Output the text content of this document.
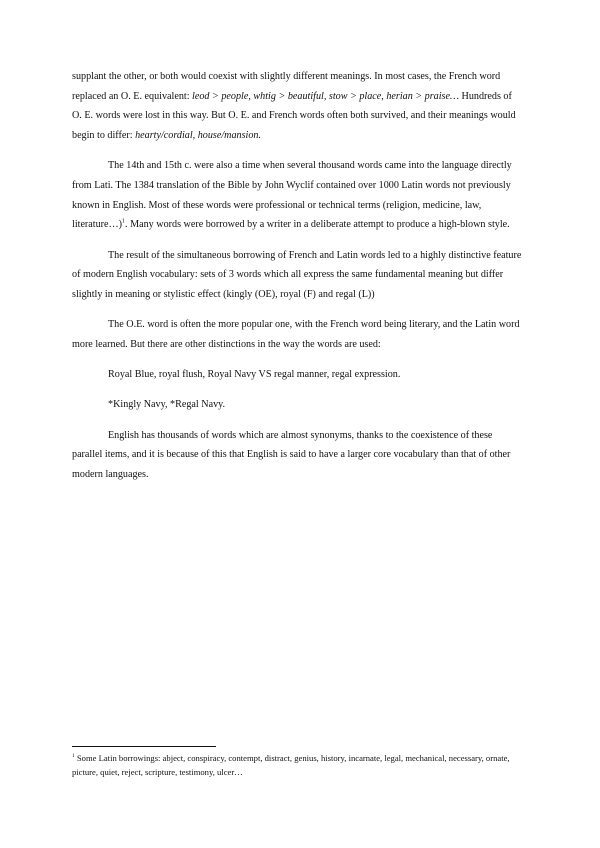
supplant the other, or both would coexist with slightly different meanings. In most cases, the French word replaced an O. E. equivalent: leod > people, whtig > beautiful, stow > place, herian > praise… Hundreds of O. E. words were lost in this way. But O. E. and French words often both survived, and their meanings would begin to differ: hearty/cordial, house/mansion.

The 14th and 15th c. were also a time when several thousand words came into the language directly from Lati. The 1384 translation of the Bible by John Wyclif contained over 1000 Latin words not previously known in English. Most of these words were professional or technical terms (religion, medicine, law, literature…)$^1$. Many words were borrowed by a writer in a deliberate attempt to produce a high-blown style.

The result of the simultaneous borrowing of French and Latin words led to a highly distinctive feature of modern English vocabulary: sets of 3 words which all express the same fundamental meaning but differ slightly in meaning or stylistic effect (kingly (OE), royal (F) and regal (L))

The O.E. word is often the more popular one, with the French word being literary, and the Latin word more learned. But there are other distinctions in the way the words are used:

Royal Blue, royal flush, Royal Navy VS regal manner, regal expression.

*Kingly Navy, *Regal Navy.

English has thousands of words which are almost synonyms, thanks to the coexistence of these parallel items, and it is because of this that English is said to have a larger core vocabulary than that of other modern languages.

$^1$ Some Latin borrowings: abject, conspiracy, contempt, distract, genius, history, incarnate, legal, mechanical, necessary, ornate, picture, quiet, reject, scripture, testimony, ulcer…
